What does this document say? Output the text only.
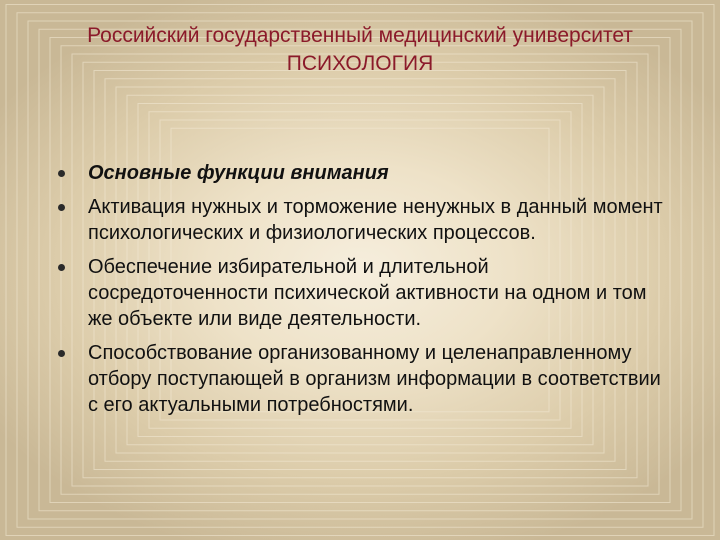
Российский государственный медицинский университет
ПСИХОЛОГИЯ
Основные функции внимания
Активация нужных и торможение ненужных в данный момент психологических и физиологических процессов.
Обеспечение избирательной и длительной сосредоточенности психической активности на одном и том же объекте или виде деятельности.
Способствование организованному и целенаправленному отбору поступающей в организм информации в соответствии с его актуальными потребностями.
